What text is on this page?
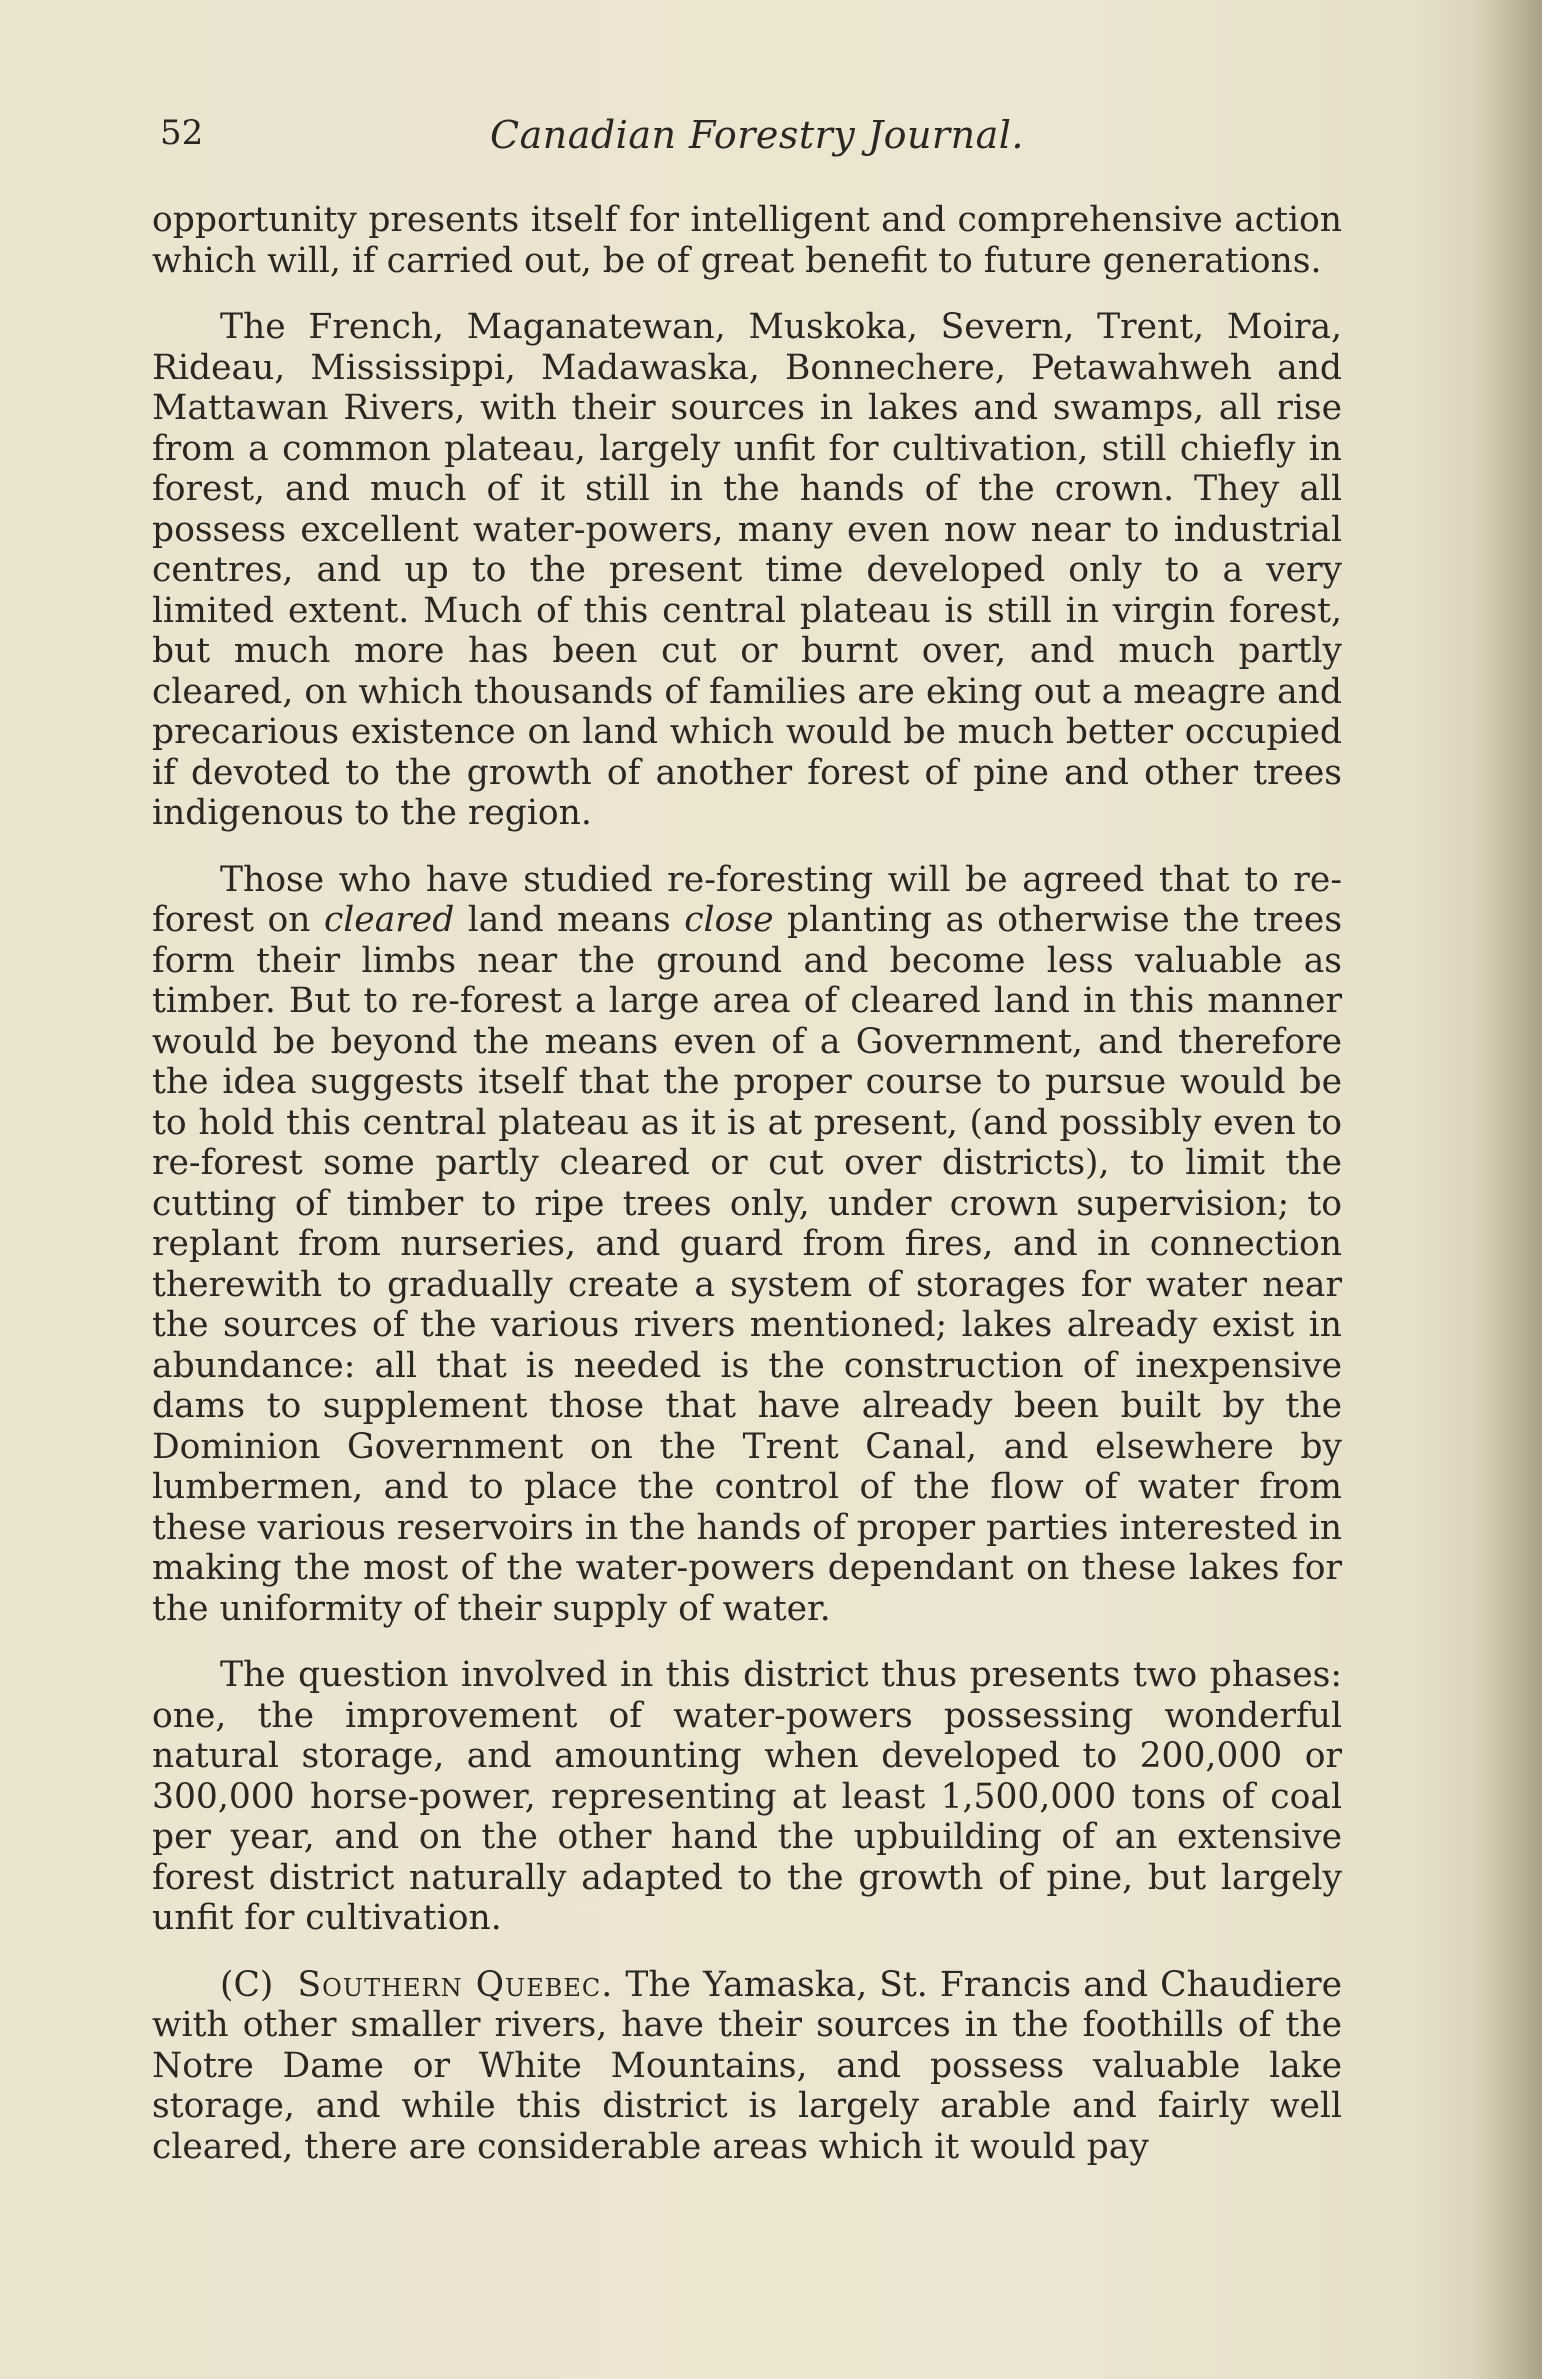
52	Canadian Forestry Journal.

opportunity presents itself for intelligent and comprehensive action which will, if carried out, be of great benefit to future generations.

The French, Maganatewan, Muskoka, Severn, Trent, Moira, Rideau, Mississippi, Madawaska, Bonnechere, Petawahweh and Mattawan Rivers, with their sources in lakes and swamps, all rise from a common plateau, largely unfit for cultivation, still chiefly in forest, and much of it still in the hands of the crown. They all possess excellent water-powers, many even now near to industrial centres, and up to the present time developed only to a very limited extent. Much of this central plateau is still in virgin forest, but much more has been cut or burnt over, and much partly cleared, on which thousands of families are eking out a meagre and precarious existence on land which would be much better occupied if devoted to the growth of another forest of pine and other trees indigenous to the region.

Those who have studied re-foresting will be agreed that to re-forest on cleared land means close planting as otherwise the trees form their limbs near the ground and become less valuable as timber. But to re-forest a large area of cleared land in this manner would be beyond the means even of a Government, and therefore the idea suggests itself that the proper course to pursue would be to hold this central plateau as it is at present, (and possibly even to re-forest some partly cleared or cut over districts), to limit the cutting of timber to ripe trees only, under crown supervision; to replant from nurseries, and guard from fires, and in connection therewith to gradually create a system of storages for water near the sources of the various rivers mentioned; lakes already exist in abundance: all that is needed is the construction of inexpensive dams to supplement those that have already been built by the Dominion Government on the Trent Canal, and elsewhere by lumbermen, and to place the control of the flow of water from these various reservoirs in the hands of proper parties interested in making the most of the water-powers dependant on these lakes for the uniformity of their supply of water.

The question involved in this district thus presents two phases: one, the improvement of water-powers possessing wonderful natural storage, and amounting when developed to 200,000 or 300,000 horse-power, representing at least 1,500,000 tons of coal per year, and on the other hand the upbuilding of an extensive forest district naturally adapted to the growth of pine, but largely unfit for cultivation.

(C) Southern Quebec. The Yamaska, St. Francis and Chaudiere with other smaller rivers, have their sources in the foothills of the Notre Dame or White Mountains, and possess valuable lake storage, and while this district is largely arable and fairly well cleared, there are considerable areas which it would pay
